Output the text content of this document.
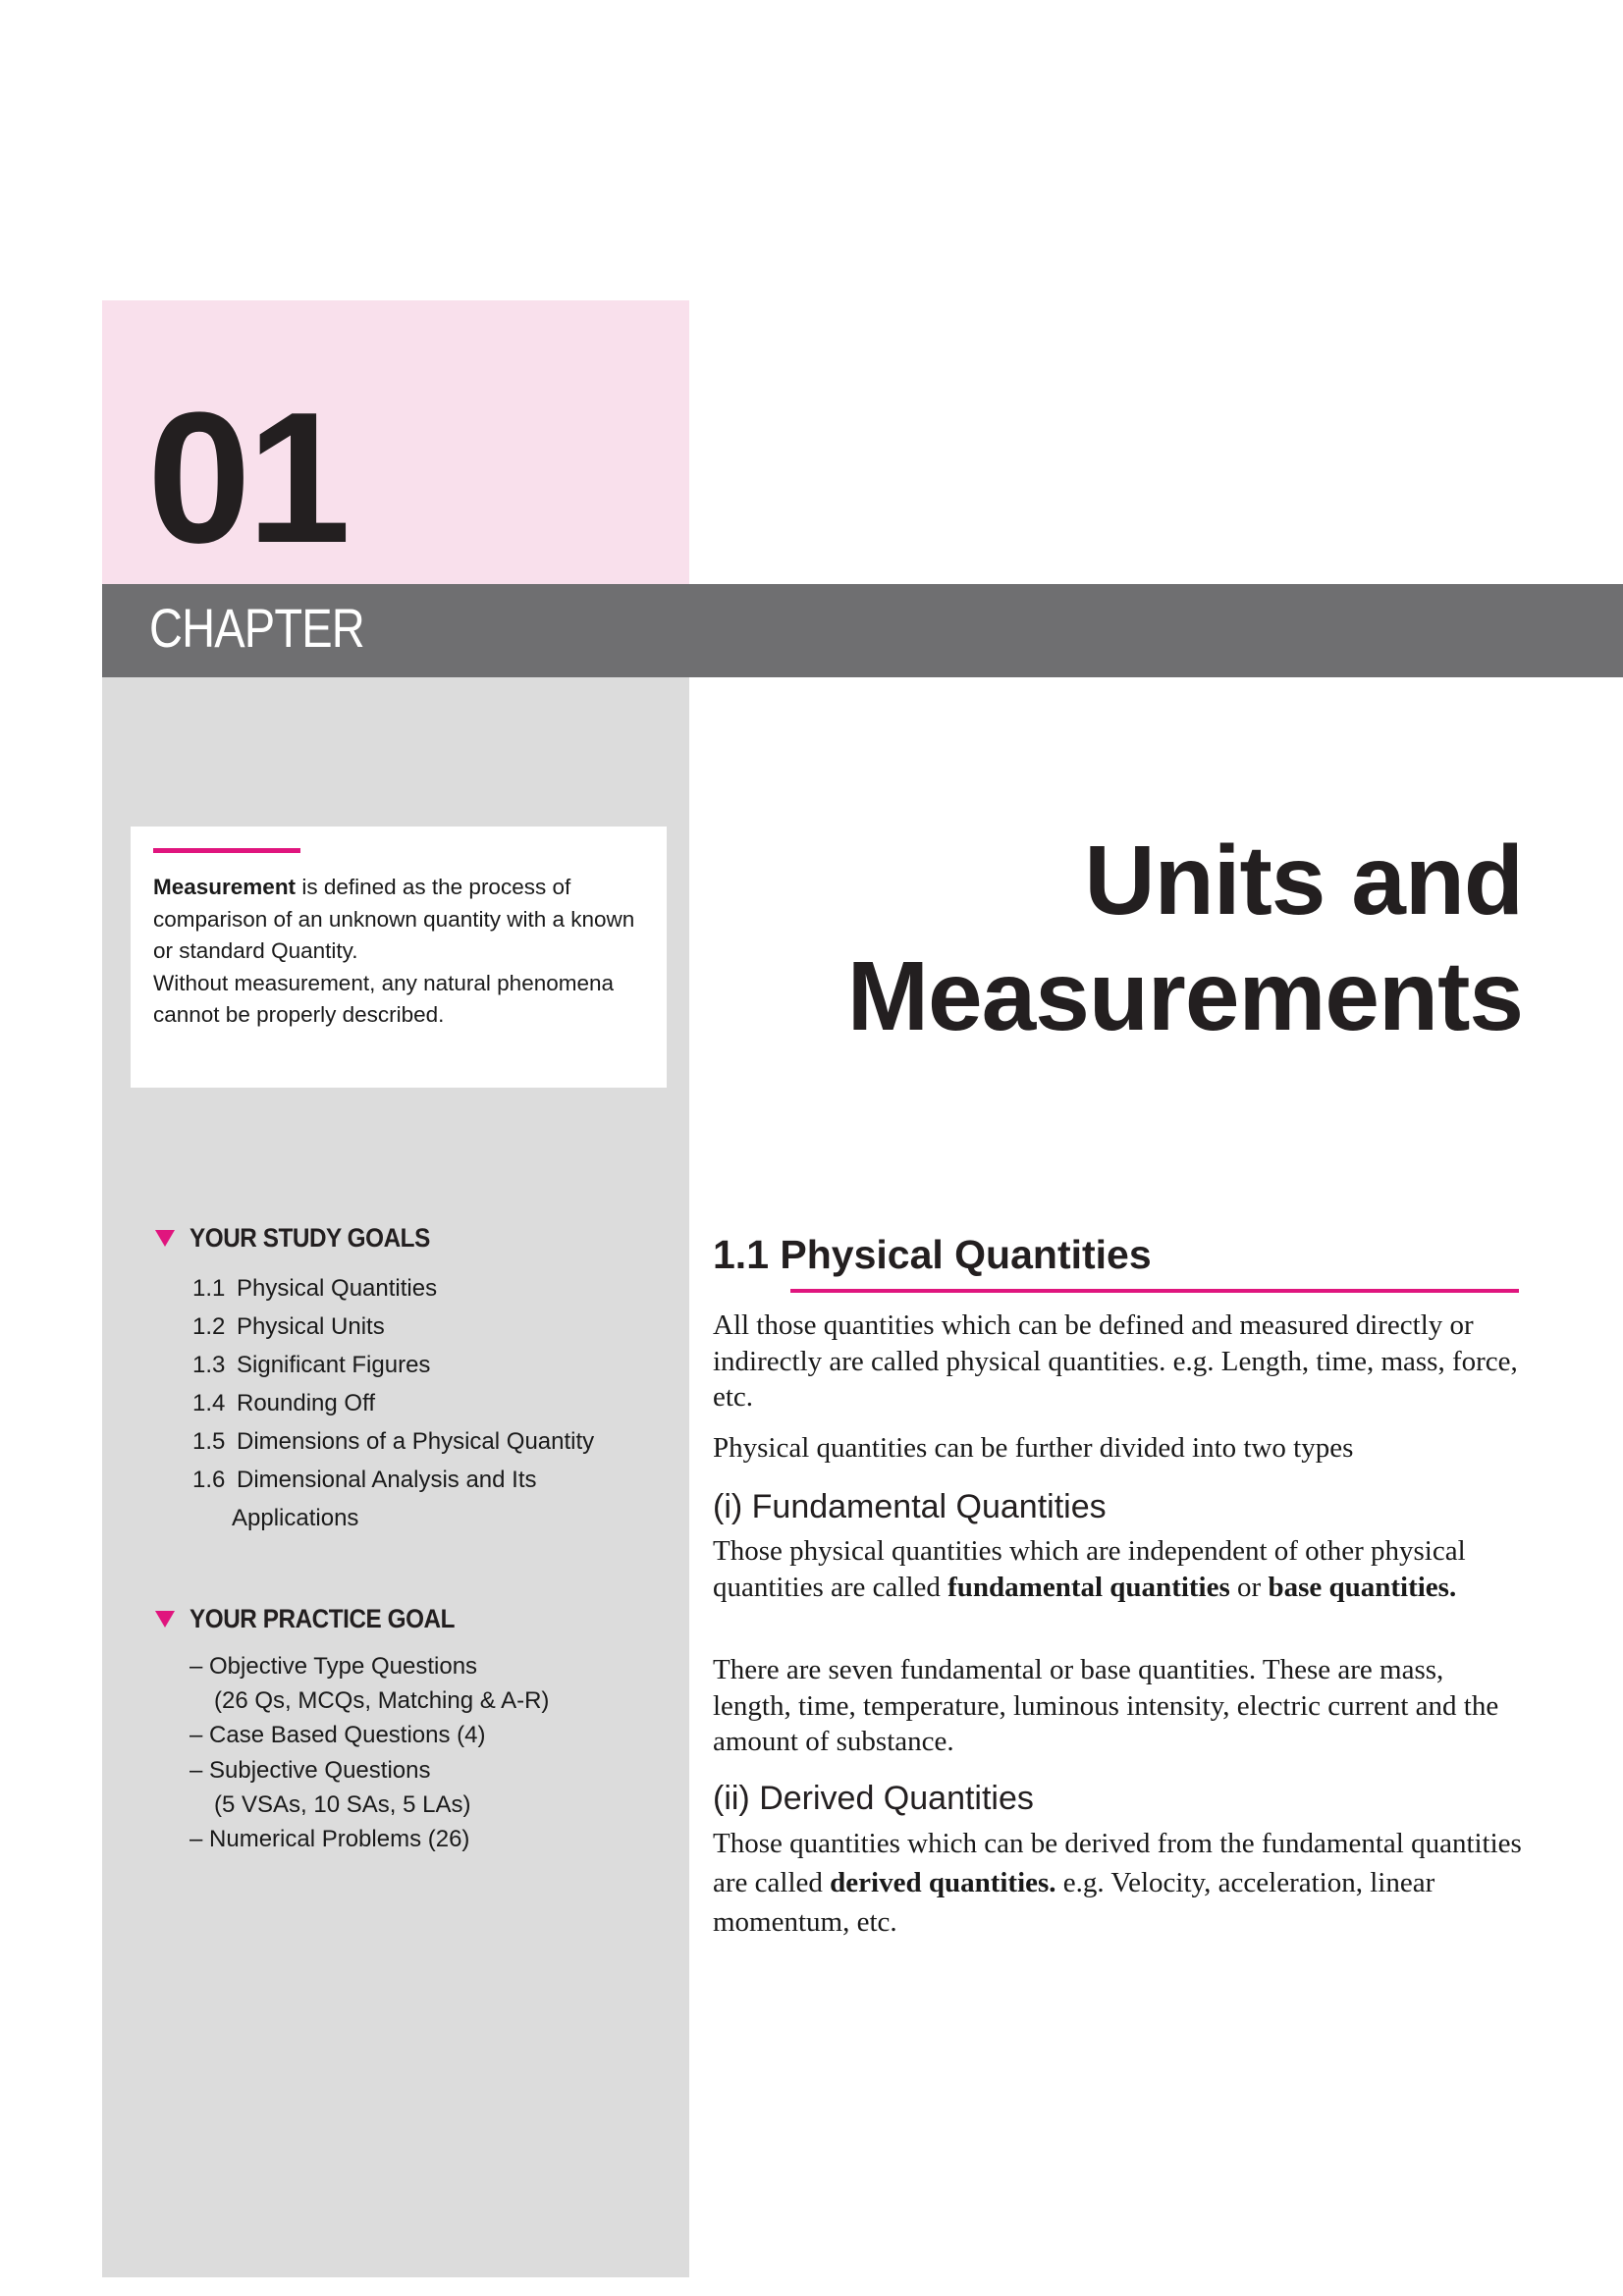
01
CHAPTER

Measurement is defined as the process of comparison of an unknown quantity with a known or standard Quantity.

Without measurement, any natural phenomena cannot be properly described.

YOUR STUDY GOALS
1.1 Physical Quantities
1.2 Physical Units
1.3 Significant Figures
1.4 Rounding Off
1.5 Dimensions of a Physical Quantity
1.6 Dimensional Analysis and Its
Applications
YOUR PRACTICE GOAL
– Objective Type Questions
(26 Qs, MCQs, Matching & A-R)
– Case Based Questions (4)
– Subjective Questions
(5 VSAs, 10 SAs, 5 LAs)
– Numerical Problems (26)
Units and
Measurements
1.1 Physical Quantities

All those quantities which can be defined and measured directly or indirectly are called physical quantities. e.g. Length, time, mass, force, etc.

Physical quantities can be further divided into two types

(i) Fundamental Quantities

Those physical quantities which are independent of other physical quantities are called fundamental quantities or base quantities.

There are seven fundamental or base quantities. These are mass, length, time, temperature, luminous intensity, electric current and the amount of substance.

(ii) Derived Quantities

Those quantities which can be derived from the fundamental quantities are called derived quantities. e.g. Velocity, acceleration, linear momentum, etc.
